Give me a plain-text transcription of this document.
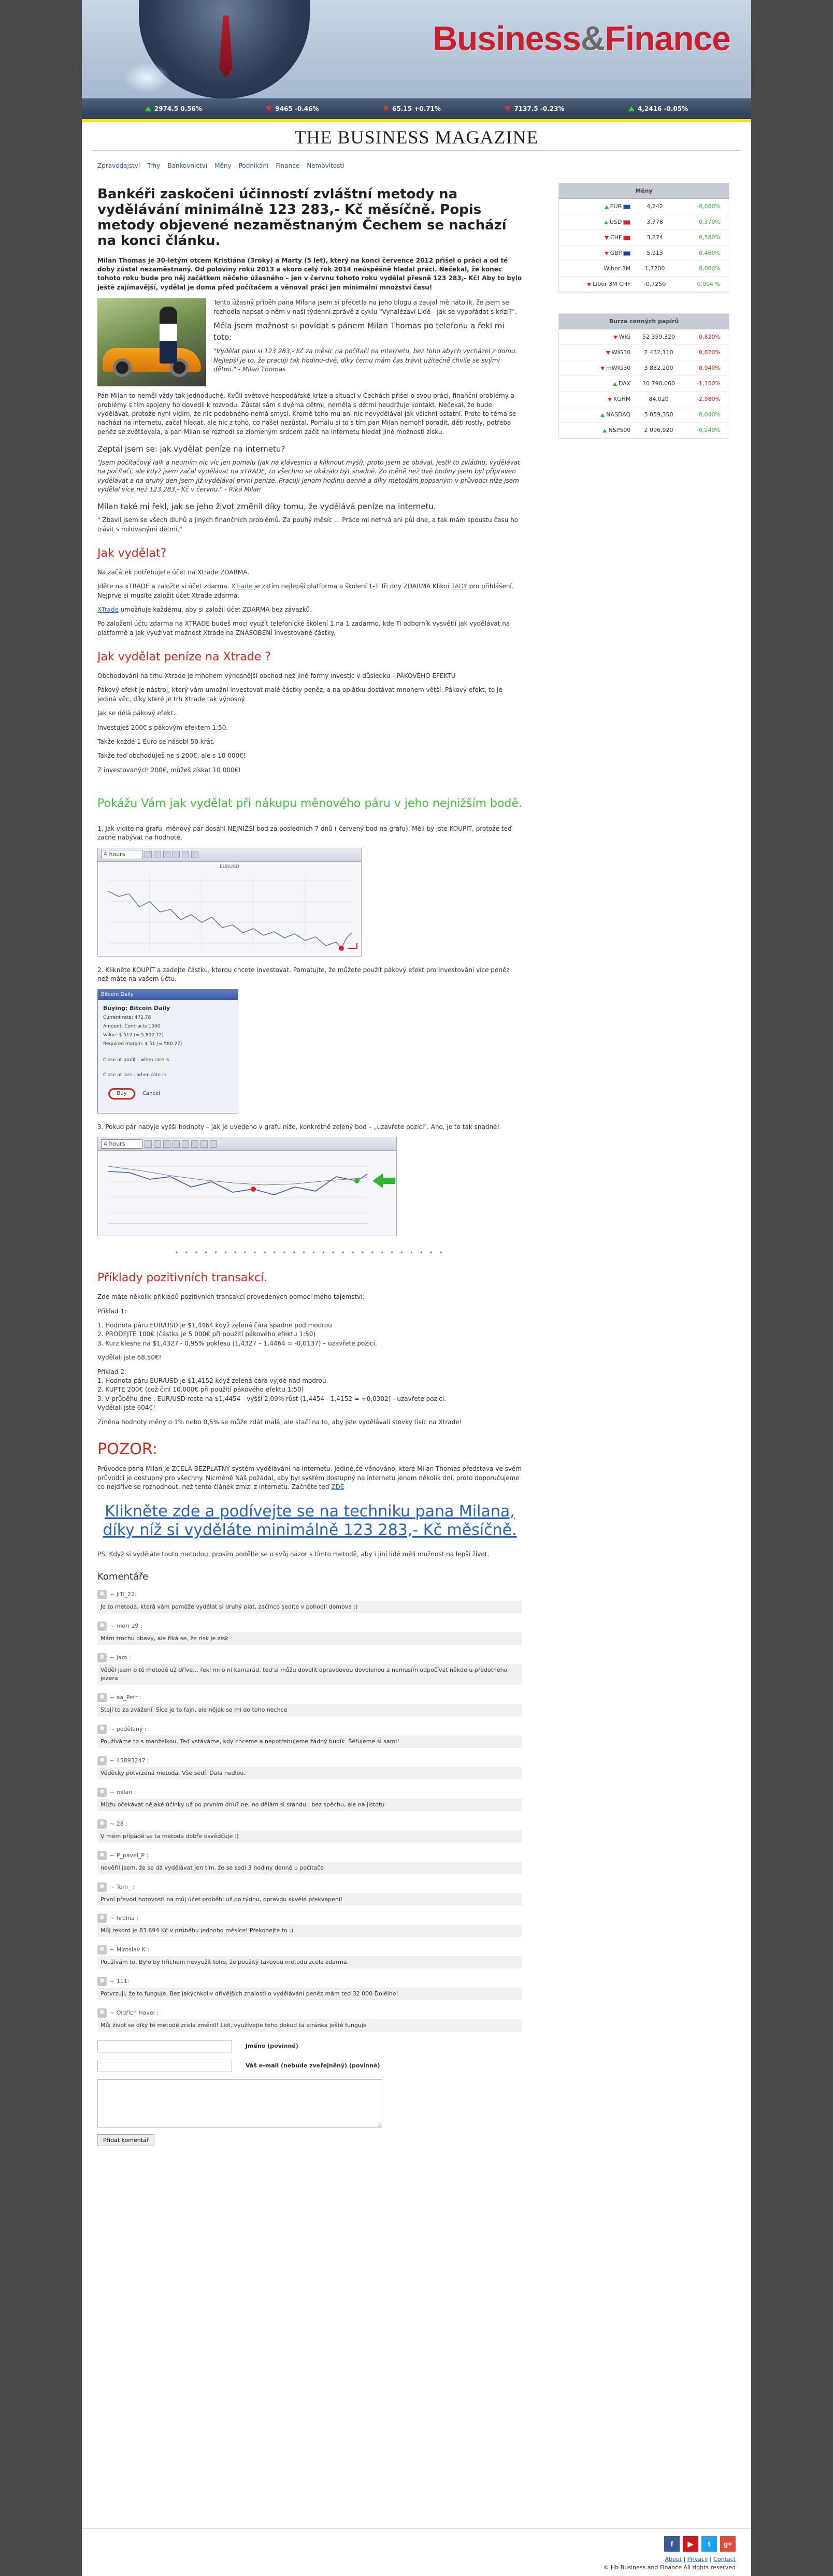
Business&Finance
2974.5 0.56%	9465 -0.46%	65.15 +0.71%	7137.5 -0.23%	4,2416 -0.05%
THE BUSINESS MAGAZINE
Zpravodajství Trhy Bankovnictví Měny Podnikání Finance Nemovitosti
Bankéři zaskočeni účinností zvláštní metody na vydělávání minimálně 123 283,- Kč měsíčně. Popis metody objevené nezaměstnaným Čechem se nachází na konci článku.

Milan Thomas je 30-letým otcem Kristiána (3roky) a Marty (5 let), který na konci července 2012 přišel o práci a od té doby zůstal nezaměstnaný. Od poloviny roku 2013 a skoro celý rok 2014 neúspěšně hledal práci. Nečekal, že konec tohoto roku bude pro něj začátkem něčeho úžasného – jen v červnu tohoto roku vydělal přesně 123 283,- Kč! Aby to bylo ještě zajímavější, vydělal je doma před počítačem a věnoval práci jen minimální množství času!

Tento úžasný příběh pana Milana jsem si přečetla na jeho blogu a zaujal mě natolik, že jsem se rozhodla napsat o něm v naší týdenní zprávě z cyklu "Vynalézaví Lidé - jak se vypořádat s krizí?".

Měla jsem možnost si povídat s pánem Milan Thomas po telefonu a řekl mi toto:

"Vydělat pani si 123 283,- Kč za měsíc na počítači na internetu, bez toho abych vycházel z domu. Nejlepší je to, že pracuji tak hodinu-dvě, díky čemu mám čas trávit užitečně chvíle se svými dětmi." - Milan Thomas

Pán Milan to neměl vždy tak jednoduché. Kvůli světové hospodářské krize a situaci v Čechách přišel o svou práci, finanční problémy a problémy s tím spojeny ho dovedli k rozvodu. Zůstal sám s dvěma dětmi, neměla s dětmi neudržuje kontakt. Nečekal, že bude vydělávat, protože nyní vidím, že nic podobného nemá smysl. Kromě toho mu ani nic nevydělával jak všichni ostatní. Proto to téma se nachází na internetu, začal hledat, ale nic z toho, co našel nezůstal. Pomalu si to s tím pan Milan nemohl poradit, děti rostly, potřeba peněz se zvětšovala, a pan Milan se rozhodl se zlomeným srdcem začít na internetu hledat jiné možnosti zisku.

Zeptal jsem se: jak vydělat peníze na internetu?

"Jsem počítačový laik a neumím nic víc jen pomalu (jak na klávesnici a kliknout myší), proto jsem se obával, jestli to zvládnu, vydělávat na počítači, ale když jsem začal vydělávat na xTRADE, to všechno se ukázalo být snadné. Zo měně než dvě hodiny jsem byl připraven vydělávat a na druhý den jsem již vydělával první peníze. Pracuji jenom hodinu denně a díky metodám popsaným v průvodci níže jsem vydělal více než 123 283,- Kč v červnu." - Říká Milan

Milan také mi řekl, jak se jeho život změnil díky tomu, že vydělává peníze na internetu.

" Zbavil jsem se všech dluhů a jiných finančních problémů. Za pouhý měsíc ... Práce mi netrvá ani půl dne, a tak mám spoustu času ho trávit s milovanými dětmi."

Jak vydělat?

Na začátek potřebujete účet na Xtrade ZDARMA.

Jděte na xTRADE a založte si účet zdarma. XTrade je zatím nejlepší platforma a školení 1-1 Tři dny ZDARMA Klikni TADY pro přihlášení. Nejprve si musíte založit účet Xtrade zdarma.

XTrade umožňuje každému, aby si založil účet ZDARMA bez závazků.

Po založení účtu zdarma na XTRADE budeš moci využít telefonické školení 1 na 1 zadarmo, kde Ti odborník vysvětlí jak vydělávat na platformě a jak využívat možnost Xtrade na ZNÁSOBENÍ investované částky.

Jak vydělat peníze na Xtrade ?

Obchodování na trhu Xtrade je mnohem výnosnější obchod než jiné formy investic v důsledku - PÁKOVÉHO EFEKTU

Pákový efekt je nástroj, který vám umožní investovat malé částky peněz, a na oplátku dostávat mnohem větší. Pákový efekt, to je jediná věc, díky které je trh Xtrade tak výnosný.

Jak se dělá pákový efekt..

Investuješ 200€ s pákovým efektem 1:50.

Takže každé 1 Euro se násobí 50 krát.

Takže teď obchoduješ ne s 200€, ale s 10 000€!

Z investovaných 200€, můžeš získat 10 000€!

Pokážu Vám jak vydělat při nákupu měnového páru v jeho nejnižším bodě.

1. Jak vidíte na grafu, měnový pár dosáhl NEJNIŽŠÍ bod za posledních 7 dnů ( červený bod na grafu). Měli by jste KOUPIT, protože teď začne nabývat na hodnotě.

4 hours
EURUSD

2. Klikněte KOUPIT a zadejte částku, kterou chcete investovat. Pamatujte, že můžete použít pákový efekt pro investování více peněz než máte na vašem účtu.

Bitcoin Daily
Buying: Bitcoin Daily
Current rate: 472.78
Amount: Contracts 1000
Value: $ 512 (≈ 5 802.72)
Required margin: $ 51 (≈ 580.27)
Close at profit - when rate is
Close at loss - when rate is
Buy	Cancel

3. Pokud pár nabyje vyšší hodnoty – jak je uvedeno v grafu níže, konkrétně zelený bod – „uzavřete pozici". Ano, je to tak snadné!

4 hours
• • • • • • • • • • • • • • • • • • • • • • • • • • • •
Příklady pozitivních transakcí.

Zde máte několik příkladů pozitivních transakcí provedených pomocí mého tajemství:

Příklad 1:

1. Hodnota páru EUR/USD je $1,4464 když zelená čára spadne pod modrou
2. PRODEJTE 100€ (částka je 5 000€ při použití pákového efektu 1:50)
3. Kurz klesne na $1,4327 - 0,95% poklesu (1,4327 – 1,4464 = -0,0137) – uzavřete pozici.

Vydělali jste 68,50€!

Příklad 2:

1. Hodnota páru EUR/USD je $1,4152 když zelená čára vyjde nad modrou.
2. KUPTE 200€ (což činí 10.000€ při použití pákového efektu 1:50)
3. V průběhu dne , EUR/USD roste na $1,4454 - vyšší 2,09% růst (1,4454 - 1,4152 = +0,0302) - uzavřete pozici.

Vydělali jste 604€!

Změna hodnoty měny o 1% nebo 0,5% se může zdát malá, ale stačí na to, aby jste vydělávali stovky tisíc na Xtrade!

POZOR:

Průvodce pana Milan je ZCELA BEZPLATNÝ systém vydělávání na internetu. Jediné,čé věnováno, které Milan Thomas představa ve svém průvodci je dostupný pro všechny. Nicméně Náš požádal, aby byl systém dostupný na internetu jenom několik dní, proto doporučujeme co nejdříve se rozhodnout, než tento článek zmizí z internetu. Začněte teď ZDE

Klikněte zde a podívejte se na techniku pana Milana, díky níž si vyděláte minimálně 123 283,- Kč měsíčně.

PS. Když si vyděláte touto metodou, prosím podělte se o svůj názor s tímto metodě, aby i jiní lidé měli možnost na lepší život.

Komentáře
~ JiTi_22:
Je to metoda, která vám pomůže vydělat si druhý plat, začínco sedíte v pohodlí domova :)
~ mon_z9 :
Mám trochu obavy, ale říká se, že risk je zisk
~ jaro :
Věděl jsem o té metodě už dříve… řekl mi o ní kamarád. teď si můžu dovolit opravdovou dovolenou a nemusím odpočívat někde u předotného jezera
~ aa_Petr :
Stojí to za zvážení. Sice je to fajn, ale nějak se mi do toho nechce
~ podělaný :
Používáme to s manželkou. Teď vstáváme, kdy chceme a nepotřebujeme žádný budík. Šéfujeme si sami!
~ 45893247 :
Věděcky potvrzená metoda. Vše sedí. Dala nedlou.
~ milan :
Můžu očekávat nějaké účinky už po prvním dnu? ne, no dělám si srandu.. bez spěchu, ale na jistotu
~ 28 :
V mém případě se ta metoda dobře osvědčuje :)
~ P_pavel_P :
nevěřil jsem, že se dá vydělávat jen tím, že se sedí 3 hodiny denně u počítače
~ Tom_ :
První převod hotovosti na můj účet proběhl už po týdnu, opravdu skvělé překvapení!
~ hrdina :
Můj rekord je 83 694 Kč v průběhu jednoho měsíce! Překonejte to :)
~ Miroslav K :
Používám to. Bylo by hříchem nevyužít toho, že použitý takovou metodu zcela zdarma.
~ 111:
Potvrzuji, že to funguje. Bez jakýchkoliv dřívějších znalostí o vydělávání peněz mám teď 32 000 Ďoléiho!
~ Oldřich Havel :
Můj život se díky té metodě zcela změnil! Lidi, využívejte toho dokud ta stránka ještě funguje
Jméno (povinné)
Váš e-mail (nebude zveřejněný) (povinné)
Přidat komentář
Měny
EUR	4,242	-0,080%
USD	3,778	0,370%
CHF	3,874	0,580%
GBP	5,913	0,460%
Wibor 3M	1,7200	0,000%
Libor 3M CHF	-0,7250	0,004 %
Burza cenných papírů
WIG	52 359,320	0,820%
WIG30	2 432,110	0,820%
mWIG30	3 832,200	0,940%
DAX	10 790,060	-1,150%
KGHM	84,020	-2,980%
NASDAQ	5 059,350	-0,040%
NSP500	2 096,920	-0,240%
f	▶	t	g+
About | Privacy | Contact
© Hb Business and Finance All rights reserved
